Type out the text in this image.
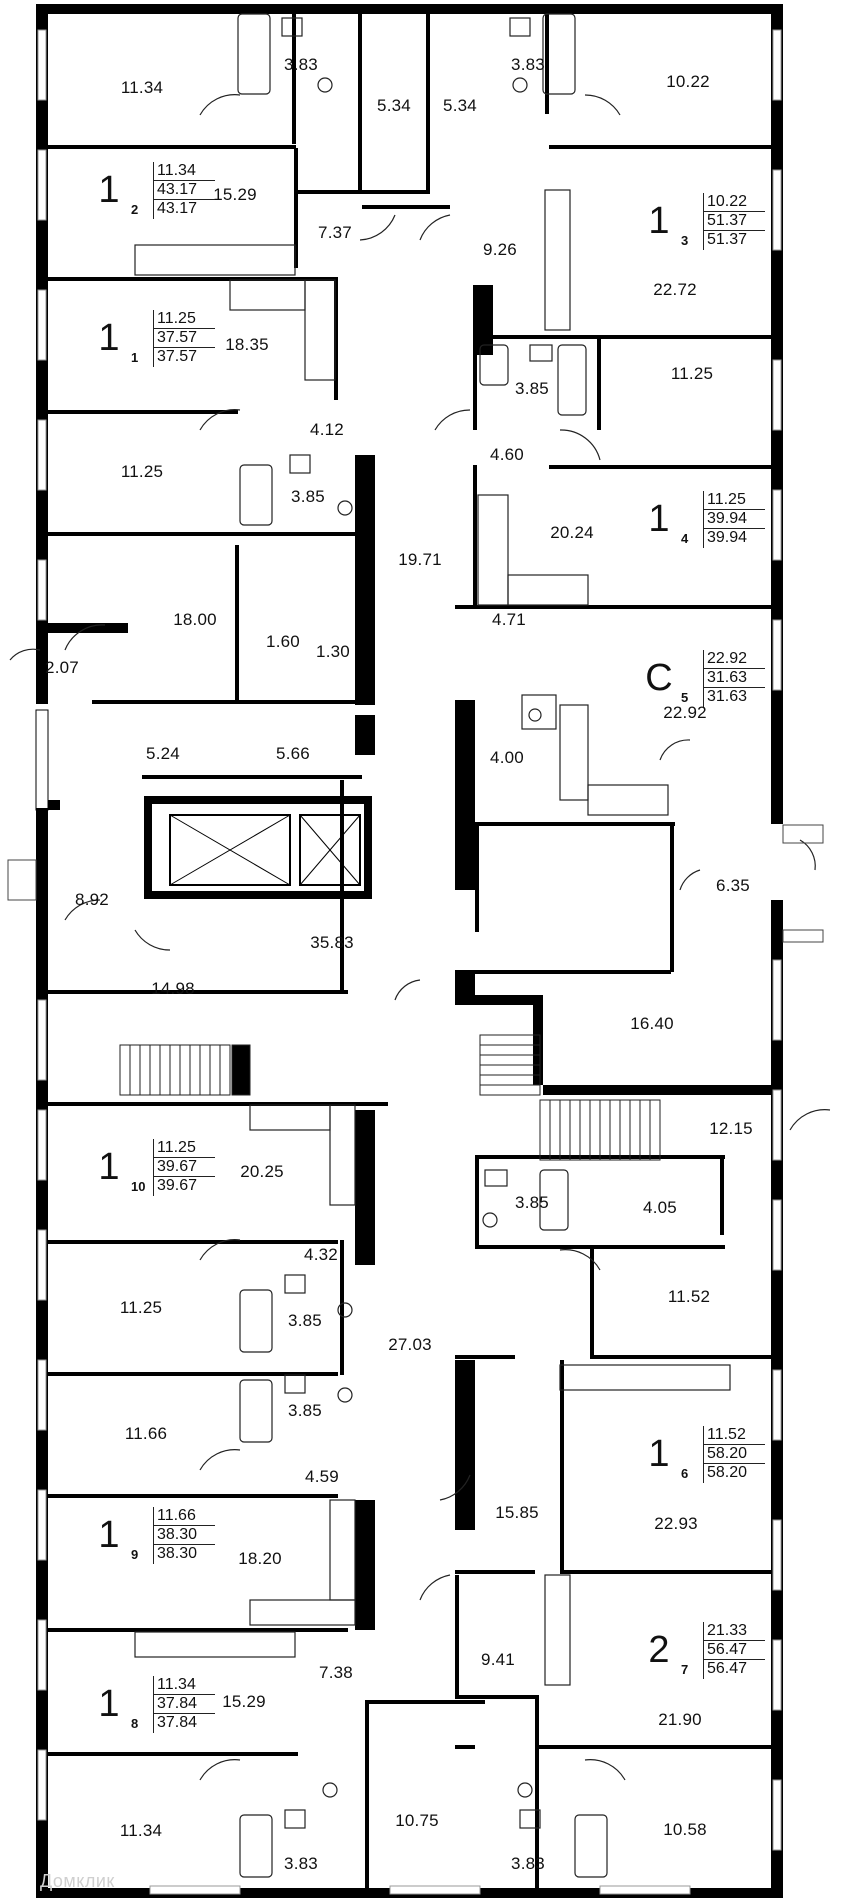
11.34
3.83
5.34 5.34
3.83
10.22
15.29
7.37
9.26
22.72
18.35
4.12
3.85
11.25
4.60
11.25
3.85
19.71
20.24
18.00
1.60
1.30
2.07
4.71
22.92
5.24	5.66	4.00
8.92
6.35
35.83
14.98
16.40
20.25
12.15
3.85	4.05
4.32
11.25
11.52
3.85
27.03
3.85
11.66
4.59
15.85
22.93
18.20
7.38
9.41
15.29
21.90
11.34
10.75
3.83	3.83
10.58
1 11.34
43.17
2	43.17	1 10.22
51.37
3	51.37
1 11.25
37.57
1	37.57
1 11.25
39.94
4	39.94
С 22.92
31.63
5	31.63
1 11.25
39.67
10 39.67
1 11.52
58.20
6	58.20
1 11.66
38.30
9	38.30
2 21.33
56.47
7	56.47
1 11.34
37.84
8	37.84
Домклик
